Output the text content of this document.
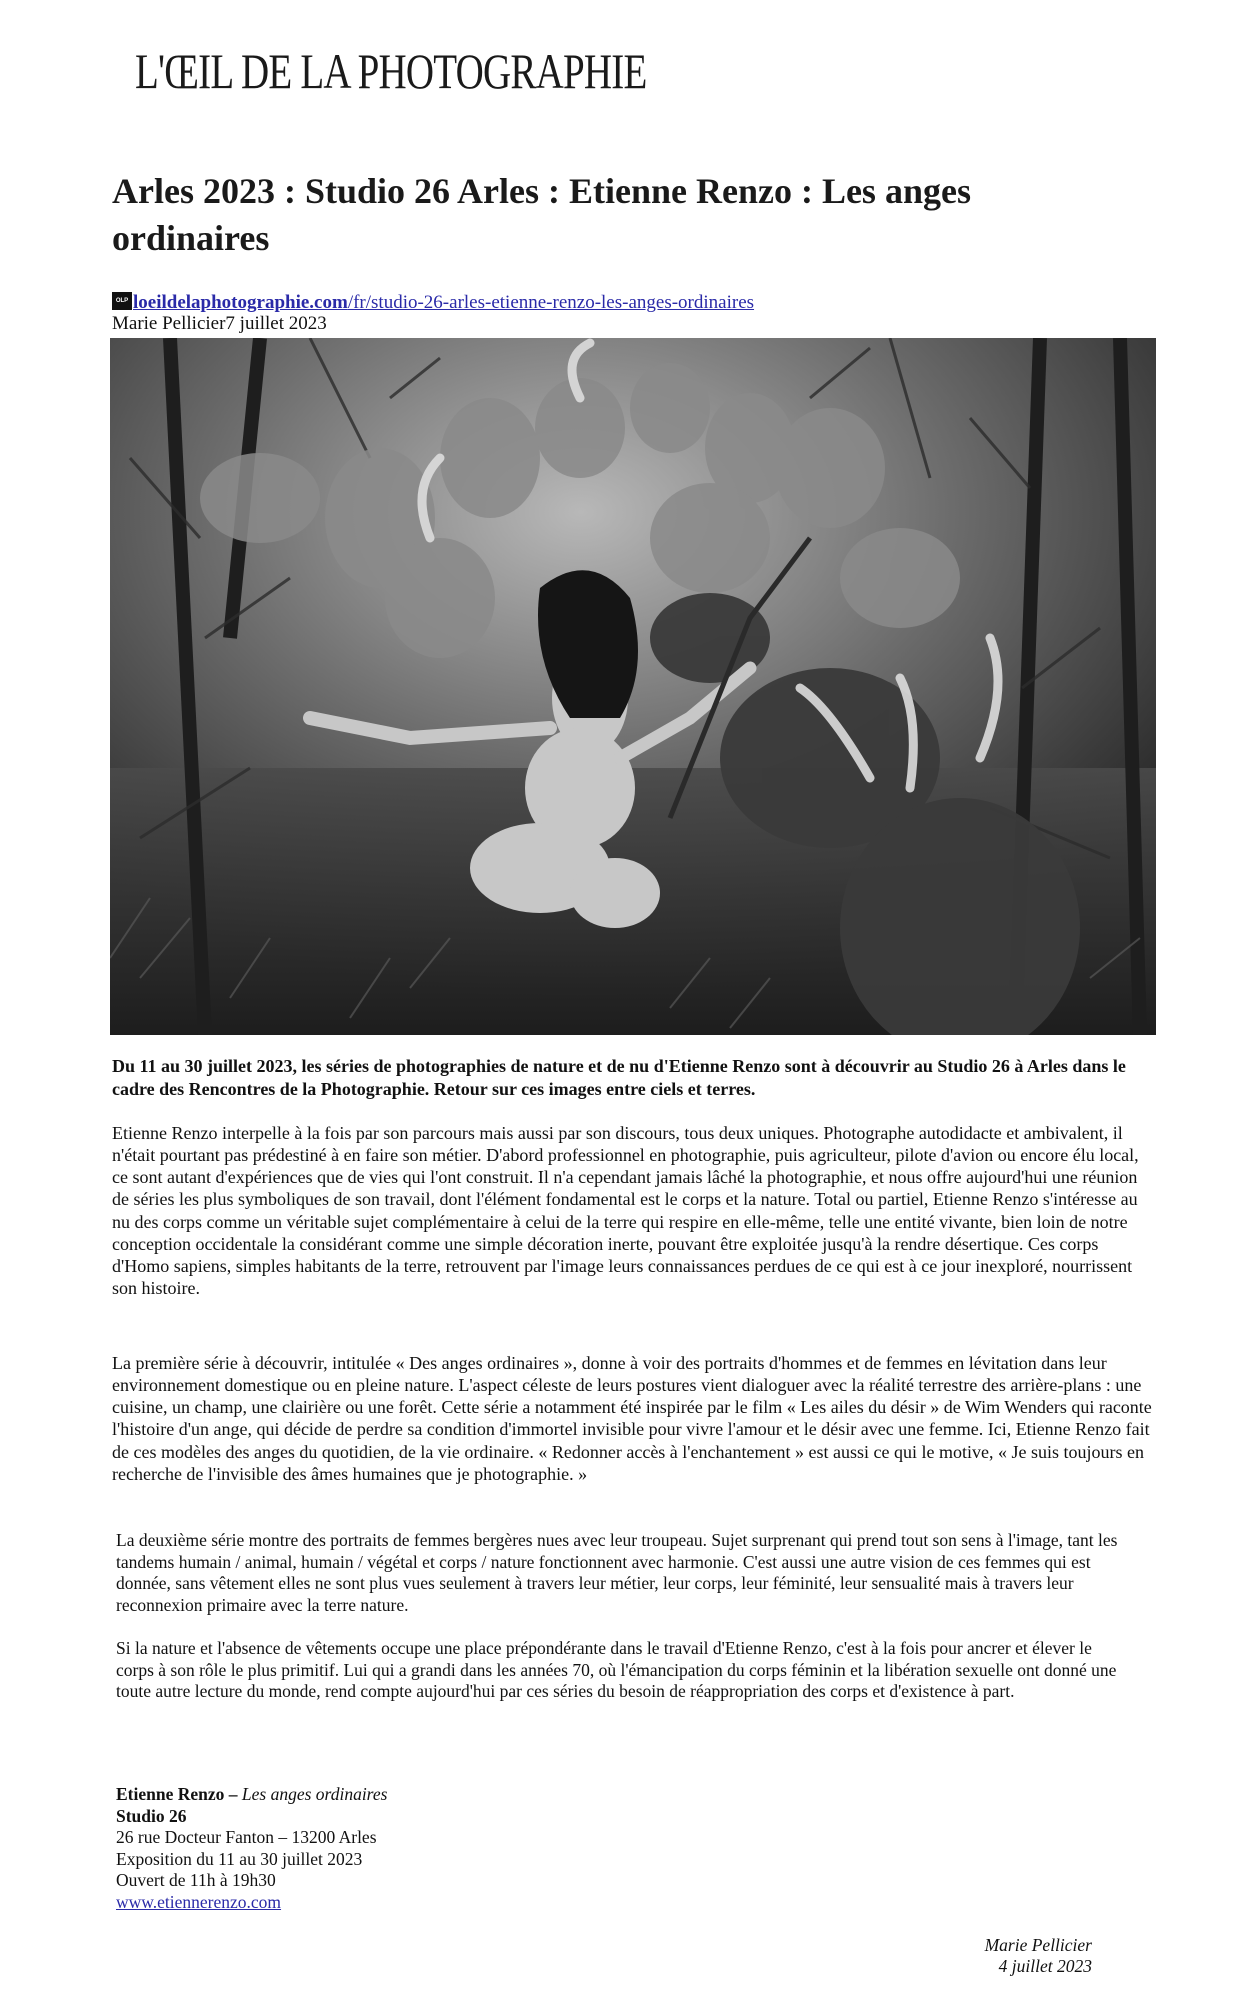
L'ŒIL DE LA PHOTOGRAPHIE
Arles 2023 : Studio 26 Arles : Etienne Renzo : Les anges ordinaires
OLP loeildelaphotographie.com/fr/studio-26-arles-etienne-renzo-les-anges-ordinaires
Marie Pellicier7 juillet 2023

Du 11 au 30 juillet 2023, les séries de photographies de nature et de nu d'Etienne Renzo sont à découvrir au Studio 26 à Arles dans le cadre des Rencontres de la Photographie. Retour sur ces images entre ciels et terres.

Etienne Renzo interpelle à la fois par son parcours mais aussi par son discours, tous deux uniques. Photographe autodidacte et ambivalent, il n'était pourtant pas prédestiné à en faire son métier. D'abord professionnel en photographie, puis agriculteur, pilote d'avion ou encore élu local, ce sont autant d'expériences que de vies qui l'ont construit. Il n'a cependant jamais lâché la photographie, et nous offre aujourd'hui une réunion de séries les plus symboliques de son travail, dont l'élément fondamental est le corps et la nature. Total ou partiel, Etienne Renzo s'intéresse au nu des corps comme un véritable sujet complémentaire à celui de la terre qui respire en elle-même, telle une entité vivante, bien loin de notre conception occidentale la considérant comme une simple décoration inerte, pouvant être exploitée jusqu'à la rendre désertique. Ces corps d'Homo sapiens, simples habitants de la terre, retrouvent par l'image leurs connaissances perdues de ce qui est à ce jour inexploré, nourrissent son histoire.

La première série à découvrir, intitulée « Des anges ordinaires », donne à voir des portraits d'hommes et de femmes en lévitation dans leur environnement domestique ou en pleine nature. L'aspect céleste de leurs postures vient dialoguer avec la réalité terrestre des arrière-plans : une cuisine, un champ, une clairière ou une forêt. Cette série a notamment été inspirée par le film « Les ailes du désir » de Wim Wenders qui raconte l'histoire d'un ange, qui décide de perdre sa condition d'immortel invisible pour vivre l'amour et le désir avec une femme. Ici, Etienne Renzo fait de ces modèles des anges du quotidien, de la vie ordinaire. « Redonner accès à l'enchantement » est aussi ce qui le motive, « Je suis toujours en recherche de l'invisible des âmes humaines que je photographie. »

La deuxième série montre des portraits de femmes bergères nues avec leur troupeau. Sujet surprenant qui prend tout son sens à l'image, tant les tandems humain / animal, humain / végétal et corps / nature fonctionnent avec harmonie. C'est aussi une autre vision de ces femmes qui est donnée, sans vêtement elles ne sont plus vues seulement à travers leur métier, leur corps, leur féminité, leur sensualité mais à travers leur reconnexion primaire avec la terre nature.

Si la nature et l'absence de vêtements occupe une place prépondérante dans le travail d'Etienne Renzo, c'est à la fois pour ancrer et élever le corps à son rôle le plus primitif. Lui qui a grandi dans les années 70, où l'émancipation du corps féminin et la libération sexuelle ont donné une toute autre lecture du monde, rend compte aujourd'hui par ces séries du besoin de réappropriation des corps et d'existence à part.

Etienne Renzo – Les anges ordinaires
Studio 26
26 rue Docteur Fanton – 13200 Arles
Exposition du 11 au 30 juillet 2023
Ouvert de 11h à 19h30
www.etiennerenzo.com
Marie Pellicier
4 juillet 2023
